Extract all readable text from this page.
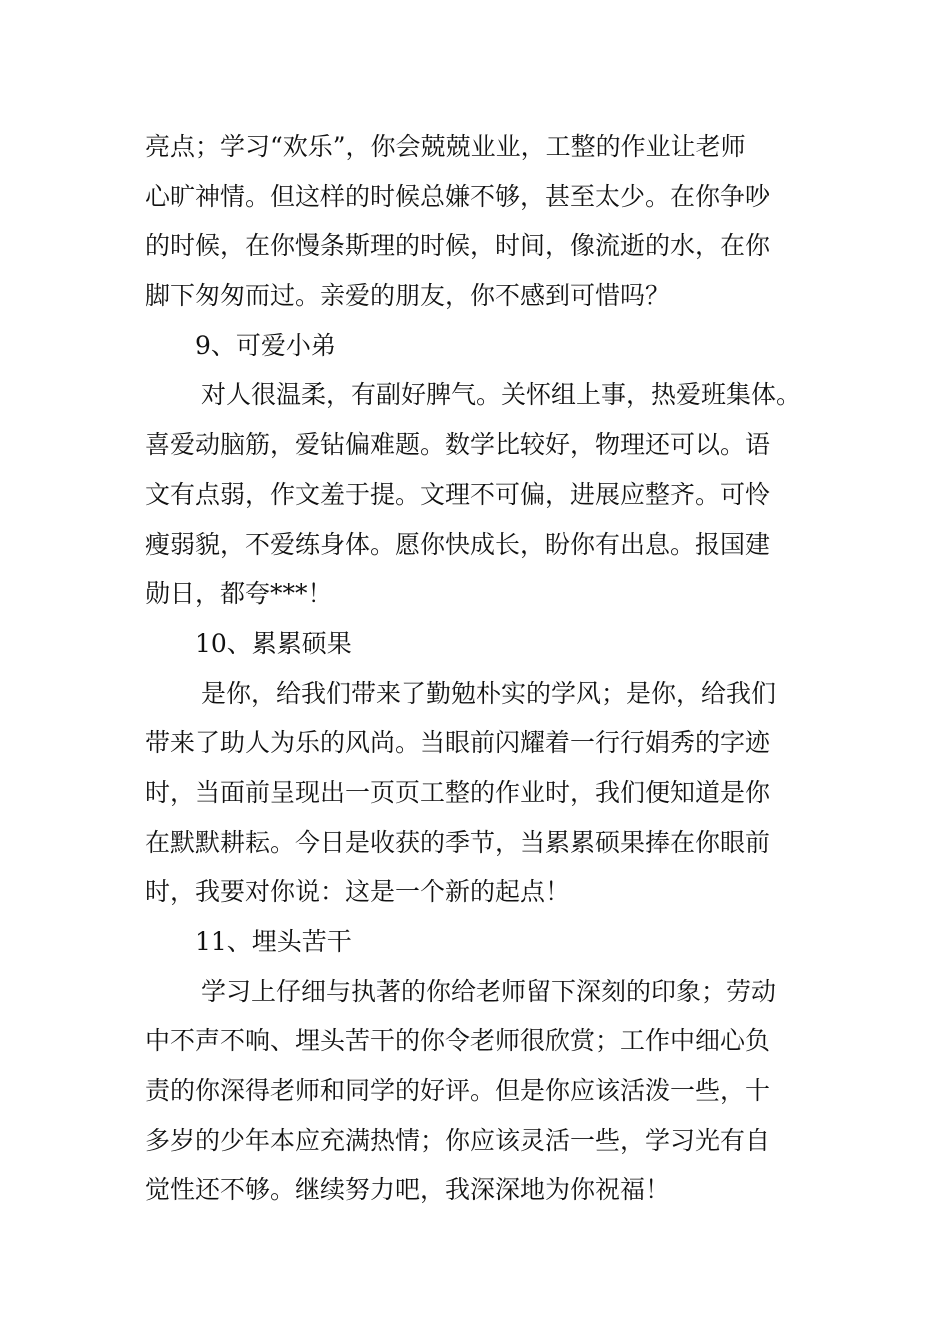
亮点；学习“欢乐”，你会兢兢业业，工整的作业让老师
心旷神情。但这样的时候总嫌不够，甚至太少。在你争吵
的时候，在你慢条斯理的时候，时间，像流逝的水，在你
脚下匆匆而过。亲爱的朋友，你不感到可惜吗？
9、可爱小弟
对人很温柔，有副好脾气。关怀组上事，热爱班集体。
喜爱动脑筋，爱钻偏难题。数学比较好，物理还可以。语
文有点弱，作文羞于提。文理不可偏，进展应整齐。可怜
瘦弱貌，不爱练身体。愿你快成长，盼你有出息。报国建
勋日，都夸***！
10、累累硕果
是你，给我们带来了勤勉朴实的学风；是你，给我们
带来了助人为乐的风尚。当眼前闪耀着一行行娟秀的字迹
时，当面前呈现出一页页工整的作业时，我们便知道是你
在默默耕耘。今日是收获的季节，当累累硕果捧在你眼前
时，我要对你说：这是一个新的起点！
11、埋头苦干
学习上仔细与执著的你给老师留下深刻的印象；劳动
中不声不响、埋头苦干的你令老师很欣赏；工作中细心负
责的你深得老师和同学的好评。但是你应该活泼一些，十
多岁的少年本应充满热情；你应该灵活一些，学习光有自
觉性还不够。继续努力吧，我深深地为你祝福！
